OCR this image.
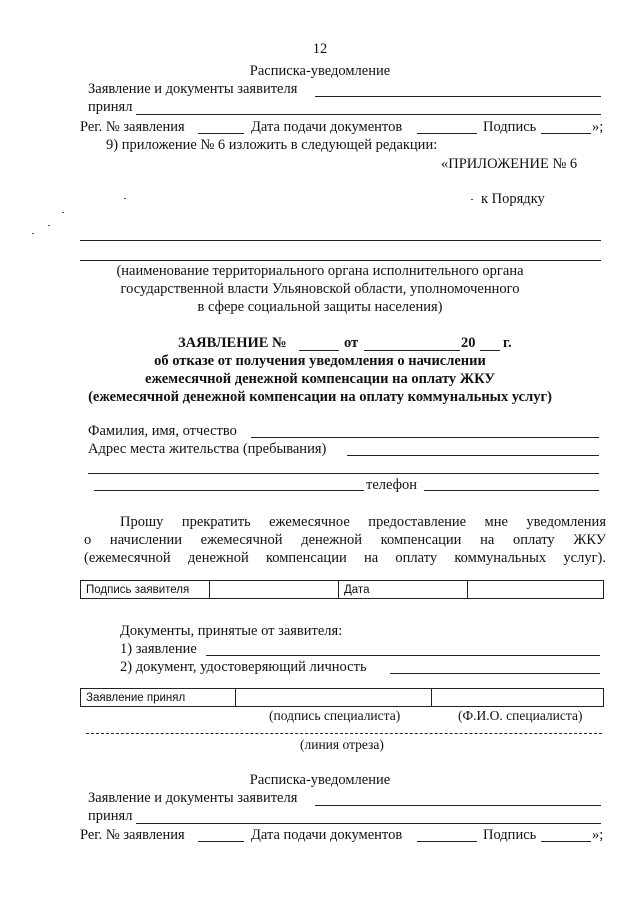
12
Расписка-уведомление
Заявление и документы заявителя
принял
Рег. № заявления	Дата подачи документов	Подпись	»;
9) приложение № 6 изложить в следующей редакции:
«ПРИЛОЖЕНИЕ № 6
к Порядку
(наименование территориального органа исполнительного органа
государственной власти Ульяновской области, уполномоченного
в сфере социальной защиты населения)
ЗАЯВЛЕНИЕ №	от	20 г.
об отказе от получения уведомления о начислении
ежемесячной денежной компенсации на оплату ЖКУ
(ежемесячной денежной компенсации на оплату коммунальных услуг)
Фамилия, имя, отчество
Адрес места жительства (пребывания)
телефон
Прошу прекратить ежемесячное предоставление мне уведомления
о начислении ежемесячной денежной компенсации на оплату ЖКУ
(ежемесячной денежной компенсации на оплату коммунальных услуг).
Подпись заявителя		Дата	
Документы, принятые от заявителя:
1) заявление
2) документ, удостоверяющий личность
Заявление принял		
(подпись специалиста)	(Ф.И.О. специалиста)
(линия отреза)
Расписка-уведомление
Заявление и документы заявителя
принял
Рег. № заявления	Дата подачи документов	Подпись	»;
